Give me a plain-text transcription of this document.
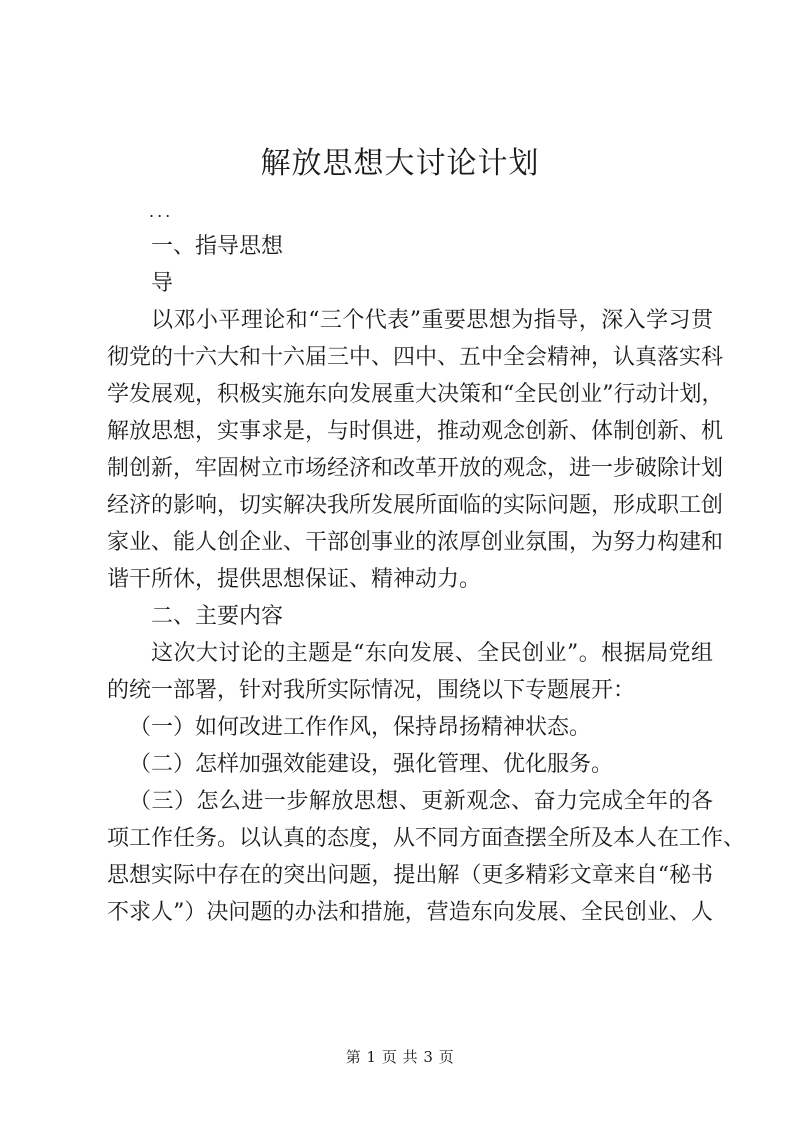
解放思想大讨论计划
...
一、指导思想
导
以邓小平理论和“三个代表”重要思想为指导，深入学习贯
彻党的十六大和十六届三中、四中、五中全会精神，认真落实科
学发展观，积极实施东向发展重大决策和“全民创业”行动计划，
解放思想，实事求是，与时俱进，推动观念创新、体制创新、机
制创新，牢固树立市场经济和改革开放的观念，进一步破除计划
经济的影响，切实解决我所发展所面临的实际问题，形成职工创
家业、能人创企业、干部创事业的浓厚创业氛围，为努力构建和
谐干所休，提供思想保证、精神动力。
二、主要内容
这次大讨论的主题是“东向发展、全民创业”。根据局党组
的统一部署，针对我所实际情况，围绕以下专题展开：
（一）如何改进工作作风，保持昂扬精神状态。
（二）怎样加强效能建设，强化管理、优化服务。
（三）怎么进一步解放思想、更新观念、奋力完成全年的各
项工作任务。以认真的态度，从不同方面查摆全所及本人在工作、
思想实际中存在的突出问题，提出解（更多精彩文章来自“秘书
不求人”）决问题的办法和措施，营造东向发展、全民创业、人
第 1 页 共 3 页
